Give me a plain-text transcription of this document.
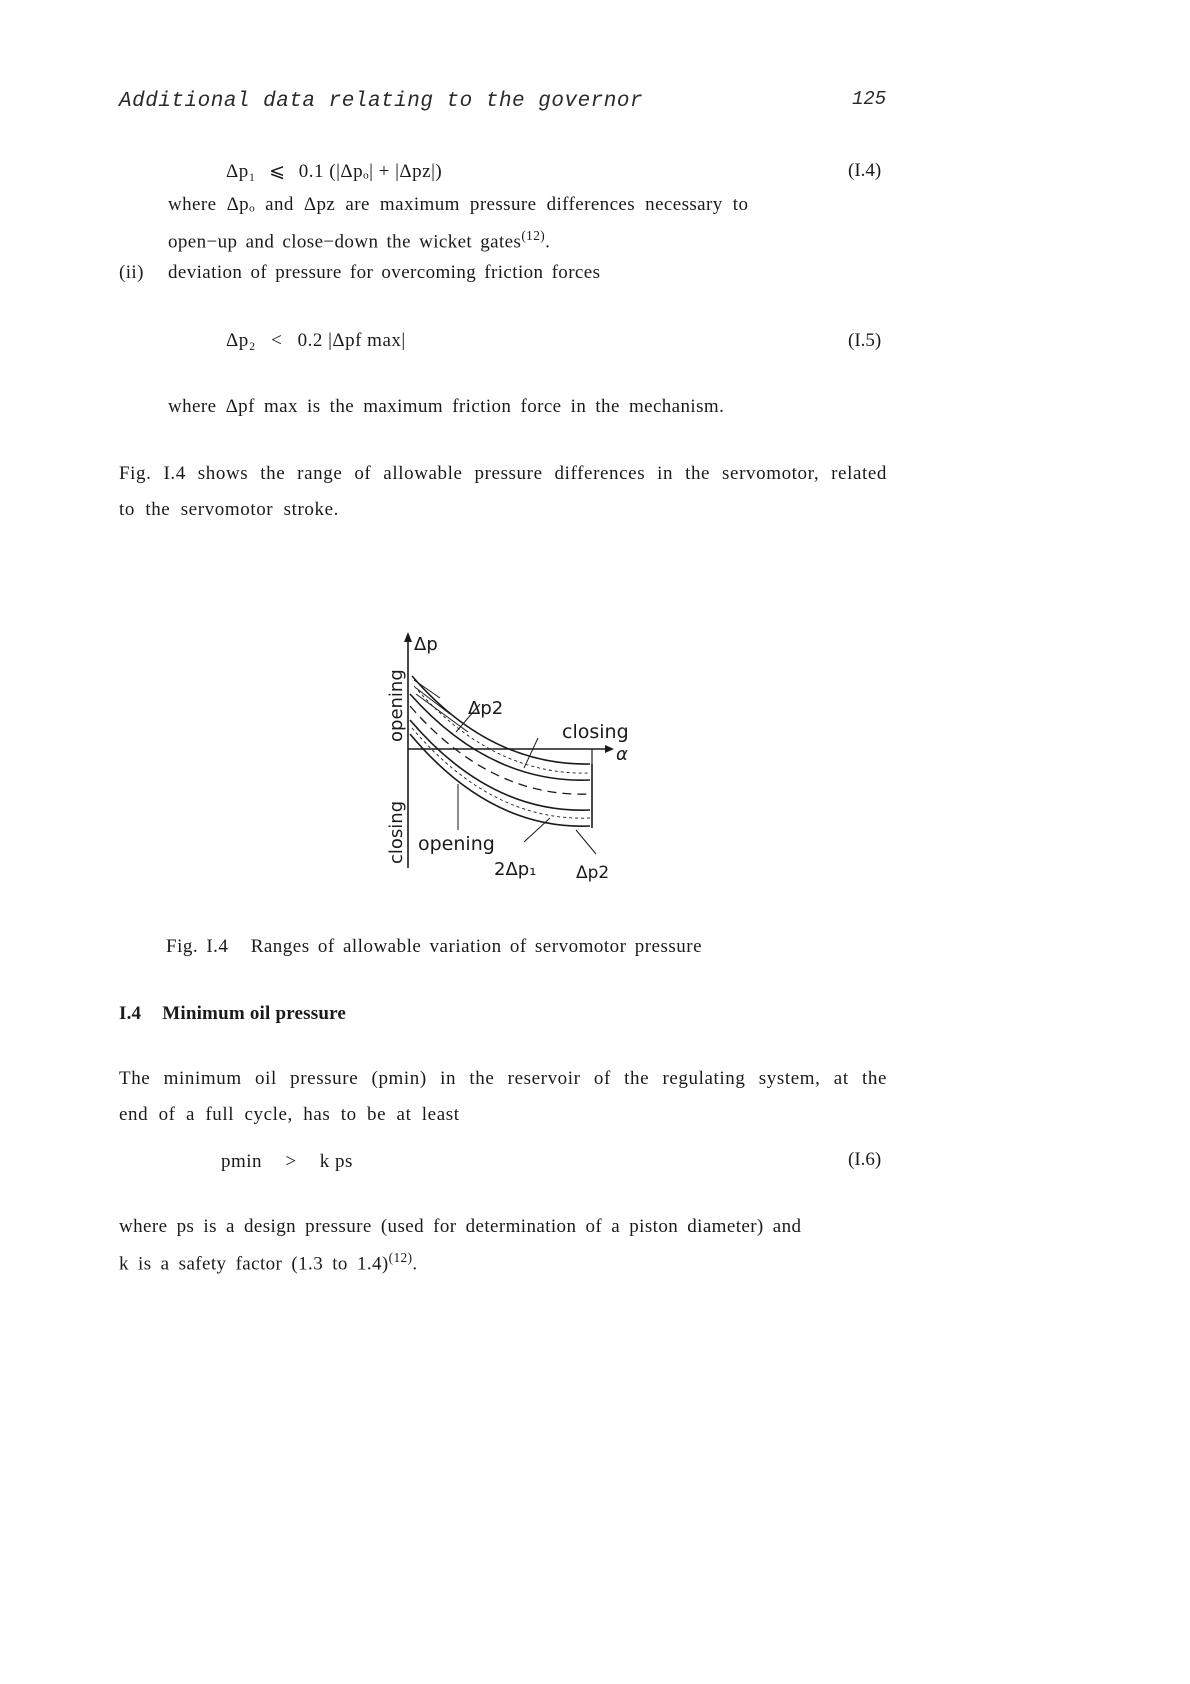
Additional data relating to the governor	125
Δp₁ ⩽ 0.1 (|Δpₒ| + |Δpz|)	(I.4)
where Δpₒ and Δpz are maximum pressure differences necessary to
open−up and close−down the wicket gates$^{(12)}$.
(ii) deviation of pressure for overcoming friction forces
Δp₂ < 0.2 |Δpf max|	(I.5)
where Δpf max is the maximum friction force in the mechanism.
Fig. I.4 shows the range of allowable pressure differences in the servomotor, related to the servomotor stroke.
Δp
α
opening
closing
Δp2
closing
opening
2Δp₁ Δp2
Fig. I.4 Ranges of allowable variation of servomotor pressure
I.4 Minimum oil pressure
The minimum oil pressure (pmin) in the reservoir of the regulating system, at the end of a full cycle, has to be at least
pmin > k ps	(I.6)
where ps is a design pressure (used for determination of a piston diameter) and
k is a safety factor (1.3 to 1.4)$^{(12)}$.
